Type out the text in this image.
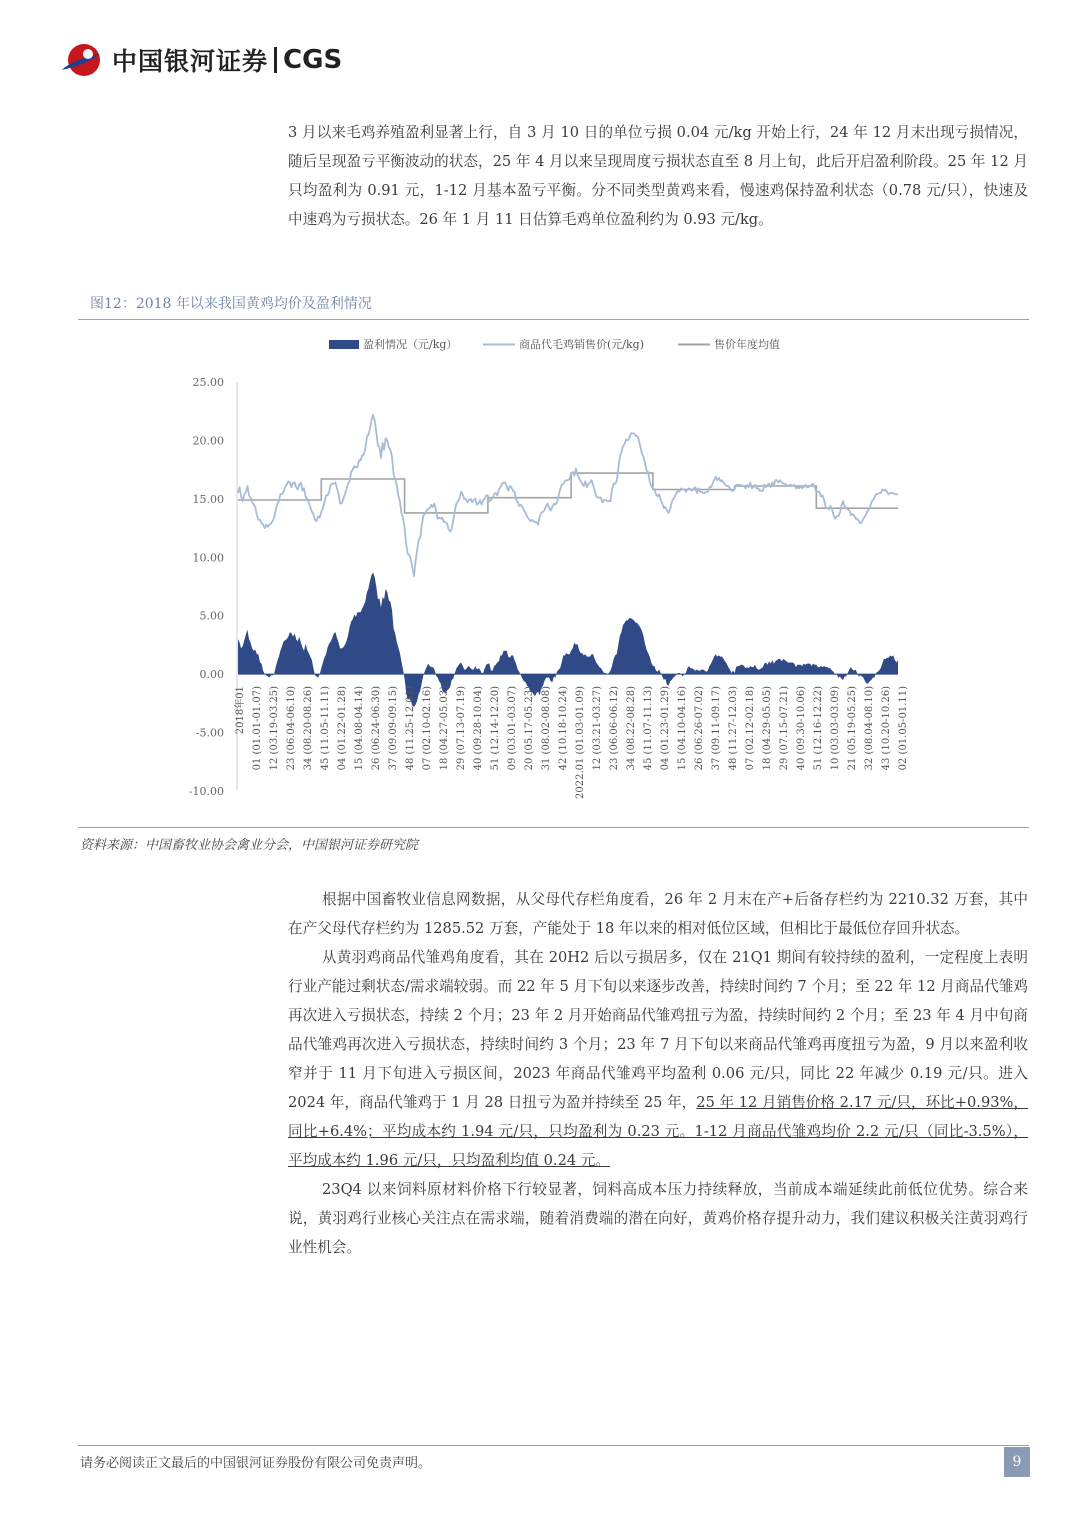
中国银河证券 CGS

3 月以来毛鸡养殖盈利显著上行，自 3 月 10 日的单位亏损 0.04 元/kg 开始上行，24 年 12 月末出现亏损情况，随后呈现盈亏平衡波动的状态，25 年 4 月以来呈现周度亏损状态直至 8 月上旬，此后开启盈利阶段。25 年 12 月只均盈利为 0.91 元，1-12 月基本盈亏平衡。分不同类型黄鸡来看，慢速鸡保持盈利状态（0.78 元/只），快速及中速鸡为亏损状态。26 年 1 月 11 日估算毛鸡单位盈利约为 0.93 元/kg。

图12：2018 年以来我国黄鸡均价及盈利情况
盈利情况（元/kg）	商品代毛鸡销售价(元/kg)	售价年度均值
25.00
20.00
15.00
10.00
5.00
0.00
-5.00
-10.00
2018年01 01 (01.01-01.07) 12 (03.19-03.25) 23 (06.04-06.10) 34 (08.20-08.26) 45 (11.05-11.11) 04 (01.22-01.28) 15 (04.08-04.14) 26 (06.24-06.30) 37 (09.09-09.15) 48 (11.25-12.01) 07 (02.10-02.16) 18 (04.27-05.03) 29 (07.13-07.19) 40 (09.28-10.04) 51 (12.14-12.20) 09 (03.01-03.07) 20 (05.17-05.23) 31 (08.02-08.08) 42 (10.18-10.24) 2022.01 (01.03-01.09) 12 (03.21-03.27) 23 (06.06-06.12) 34 (08.22-08.28) 45 (11.07-11.13) 04 (01.23-01.29) 15 (04.10-04.16) 26 (06.26-07.02) 37 (09.11-09.17) 48 (11.27-12.03) 07 (02.12-02.18) 18 (04.29-05.05) 29 (07.15-07.21) 40 (09.30-10.06) 51 (12.16-12.22) 10 (03.03-03.09) 21 (05.19-05.25) 32 (08.04-08.10) 43 (10.20-10.26) 02 (01.05-01.11)
资料来源：中国畜牧业协会禽业分会，中国银河证券研究院

根据中国畜牧业信息网数据，从父母代存栏角度看，26 年 2 月末在产+后备存栏约为 2210.32 万套，其中在产父母代存栏约为 1285.52 万套，产能处于 18 年以来的相对低位区域，但相比于最低位存回升状态。

从黄羽鸡商品代雏鸡角度看，其在 20H2 后以亏损居多，仅在 21Q1 期间有较持续的盈利，一定程度上表明行业产能过剩状态/需求端较弱。而 22 年 5 月下旬以来逐步改善，持续时间约 7 个月；至 22 年 12 月商品代雏鸡再次进入亏损状态，持续 2 个月；23 年 2 月开始商品代雏鸡扭亏为盈，持续时间约 2 个月；至 23 年 4 月中旬商品代雏鸡再次进入亏损状态，持续时间约 3 个月；23 年 7 月下旬以来商品代雏鸡再度扭亏为盈，9 月以来盈利收窄并于 11 月下旬进入亏损区间，2023 年商品代雏鸡平均盈利 0.06 元/只，同比 22 年减少 0.19 元/只。进入 2024 年，商品代雏鸡于 1 月 28 日扭亏为盈并持续至 25 年，25 年 12 月销售价格 2.17 元/只，环比+0.93%，同比+6.4%；平均成本约 1.94 元/只，只均盈利为 0.23 元。1-12 月商品代雏鸡均价 2.2 元/只（同比-3.5%），平均成本约 1.96 元/只，只均盈利均值 0.24 元。

23Q4 以来饲料原材料价格下行较显著，饲料高成本压力持续释放，当前成本端延续此前低位优势。综合来说，黄羽鸡行业核心关注点在需求端，随着消费端的潜在向好，黄鸡价格存提升动力，我们建议积极关注黄羽鸡行业性机会。

请务必阅读正文最后的中国银河证券股份有限公司免责声明。	9
